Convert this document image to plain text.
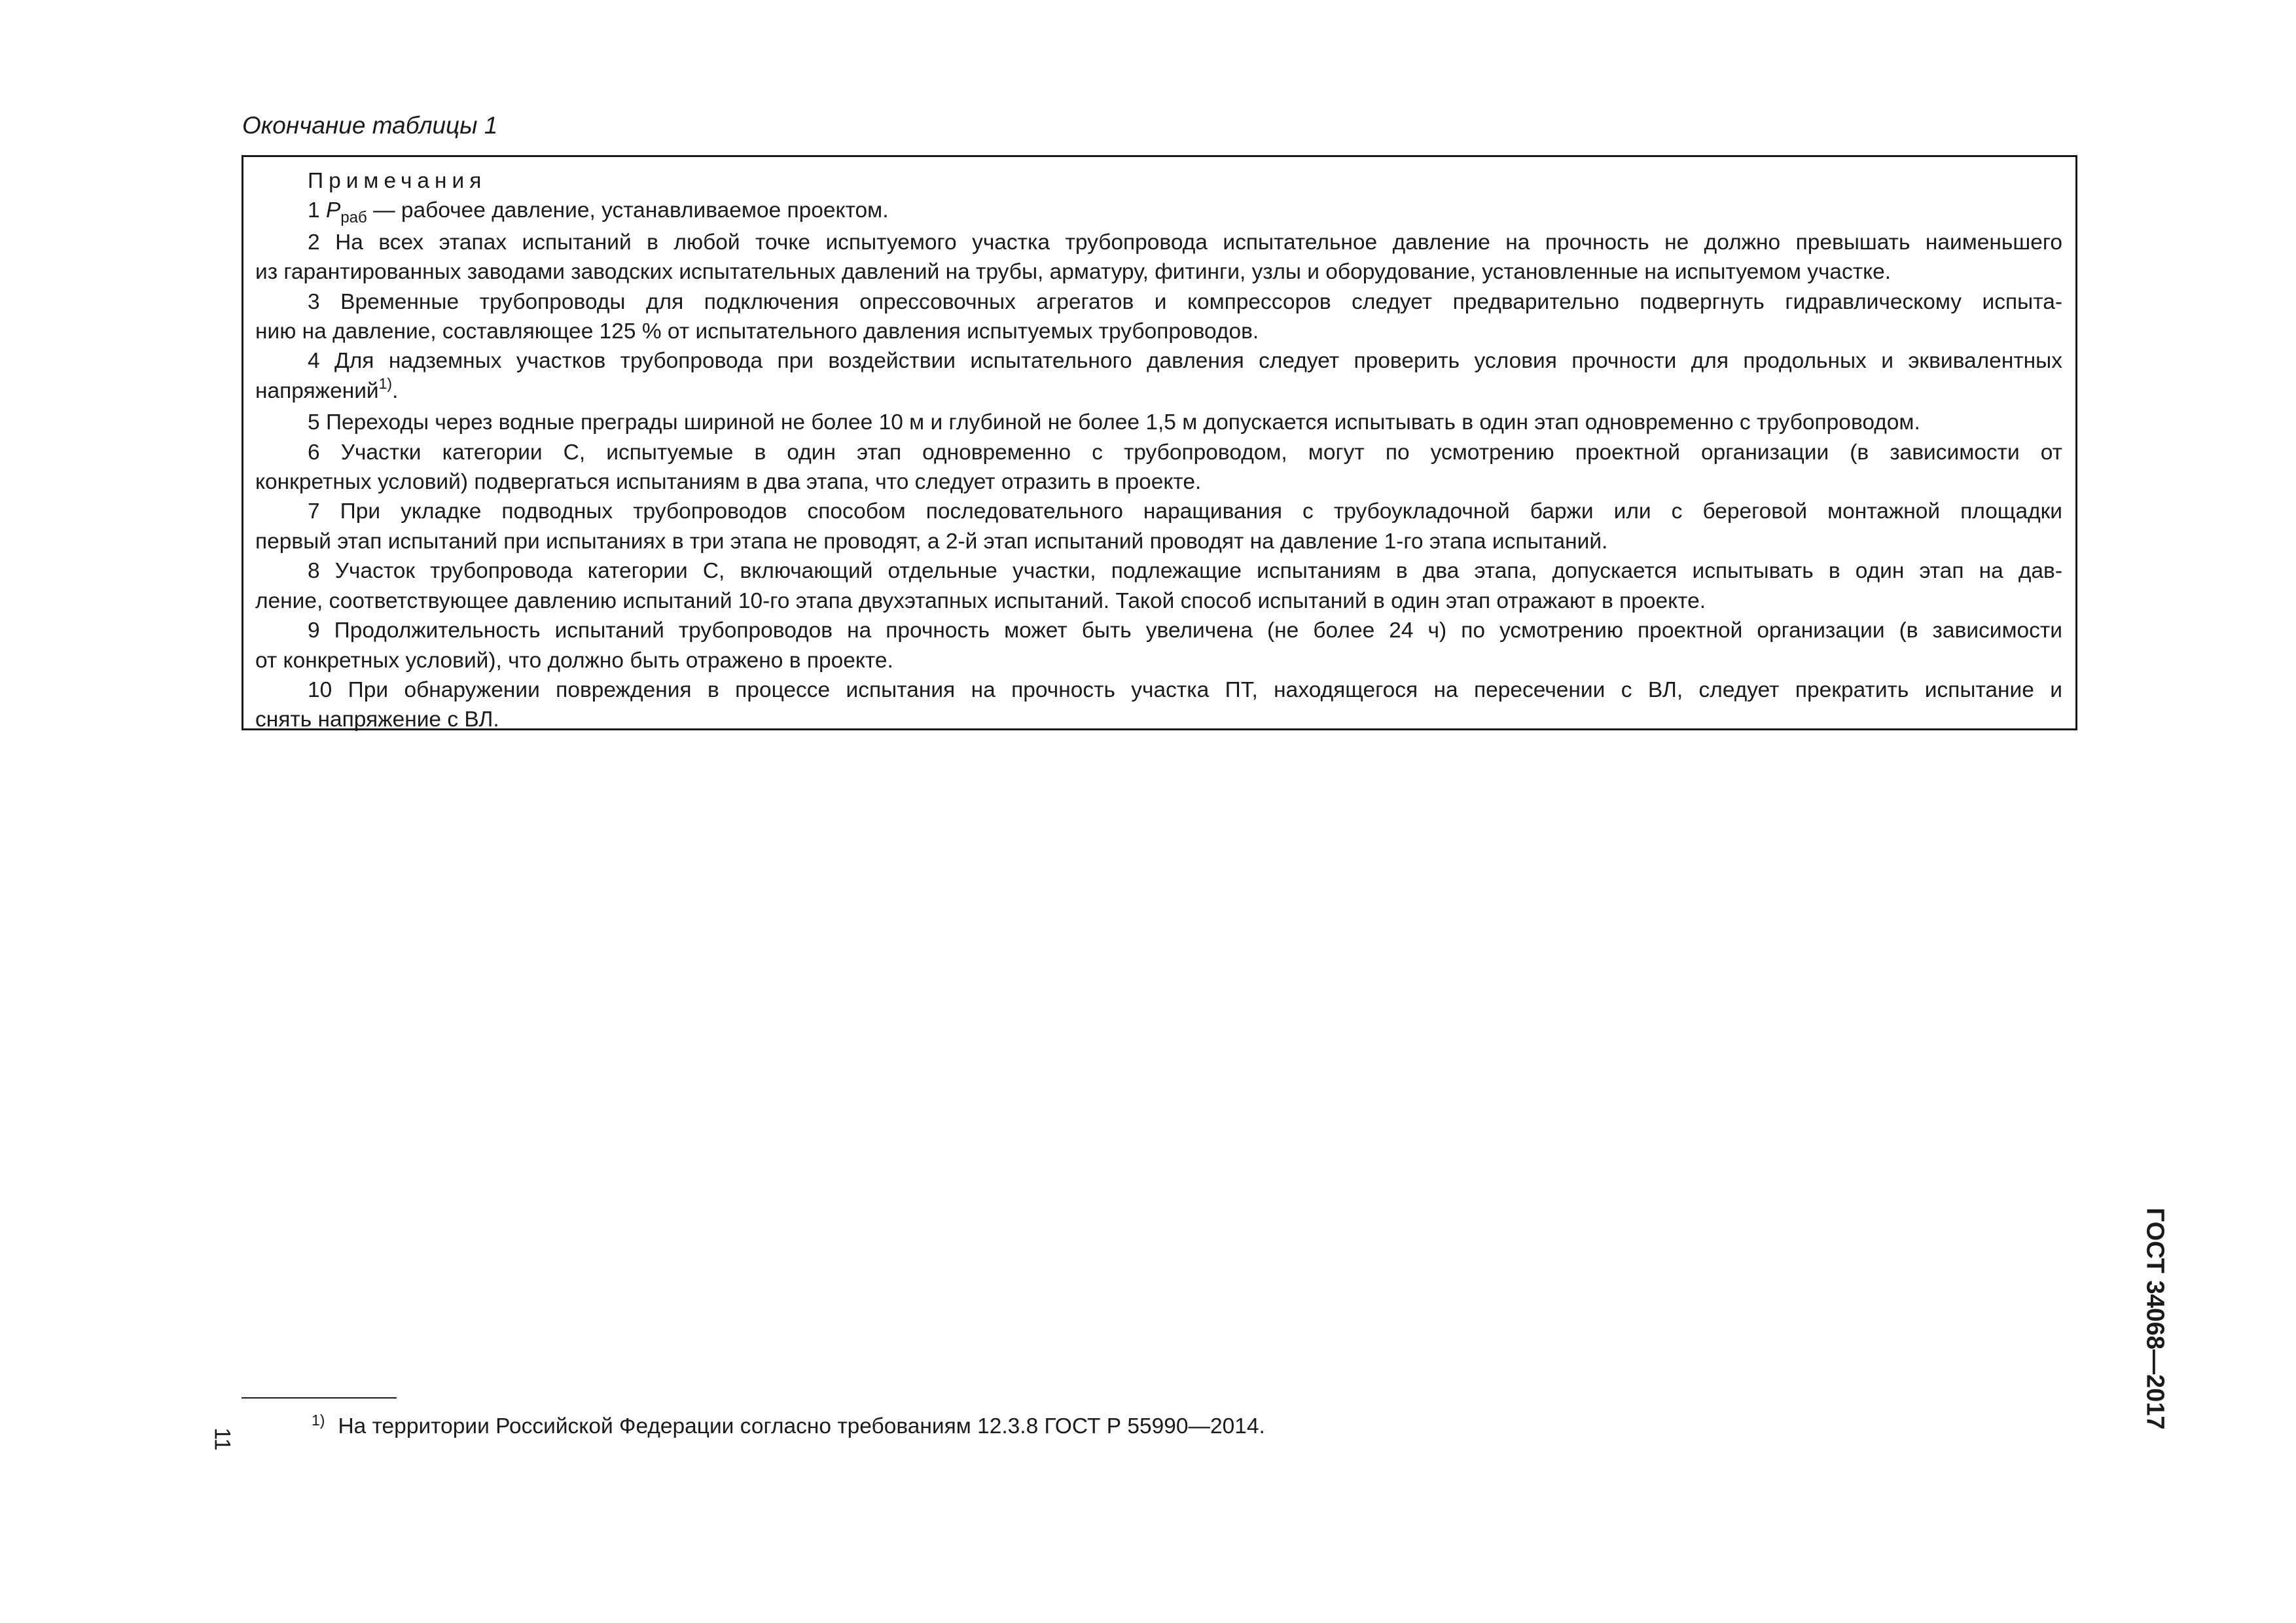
Окончание таблицы 1
Примечания
1 $P_{раб}$ — рабочее давление, устанавливаемое проектом.
2 На всех этапах испытаний в любой точке испытуемого участка трубопровода испытательное давление на прочность не должно превышать наименьшего
из гарантированных заводами заводских испытательных давлений на трубы, арматуру, фитинги, узлы и оборудование, установленные на испытуемом участке.
3 Временные трубопроводы для подключения опрессовочных агрегатов и компрессоров следует предварительно подвергнуть гидравлическому испыта-
нию на давление, составляющее 125 % от испытательного давления испытуемых трубопроводов.
4 Для надземных участков трубопровода при воздействии испытательного давления следует проверить условия прочности для продольных и эквивалентных
напряжений$^{1)}$.
5 Переходы через водные преграды шириной не более 10 м и глубиной не более 1,5 м допускается испытывать в один этап одновременно с трубопроводом.
6 Участки категории С, испытуемые в один этап одновременно с трубопроводом, могут по усмотрению проектной организации (в зависимости от
конкретных условий) подвергаться испытаниям в два этапа, что следует отразить в проекте.
7 При укладке подводных трубопроводов способом последовательного наращивания с трубоукладочной баржи или с береговой монтажной площадки
первый этап испытаний при испытаниях в три этапа не проводят, а 2-й этап испытаний проводят на давление 1-го этапа испытаний.
8 Участок трубопровода категории С, включающий отдельные участки, подлежащие испытаниям в два этапа, допускается испытывать в один этап на дав-
ление, соответствующее давлению испытаний 10-го этапа двухэтапных испытаний. Такой способ испытаний в один этап отражают в проекте.
9 Продолжительность испытаний трубопроводов на прочность может быть увеличена (не более 24 ч) по усмотрению проектной организации (в зависимости
от конкретных условий), что должно быть отражено в проекте.
10 При обнаружении повреждения в процессе испытания на прочность участка ПТ, находящегося на пересечении с ВЛ, следует прекратить испытание и
снять напряжение с ВЛ.
$^{1)}$ На территории Российской Федерации согласно требованиям 12.3.8 ГОСТ Р 55990—2014.
11
ГОСТ 34068—2017
